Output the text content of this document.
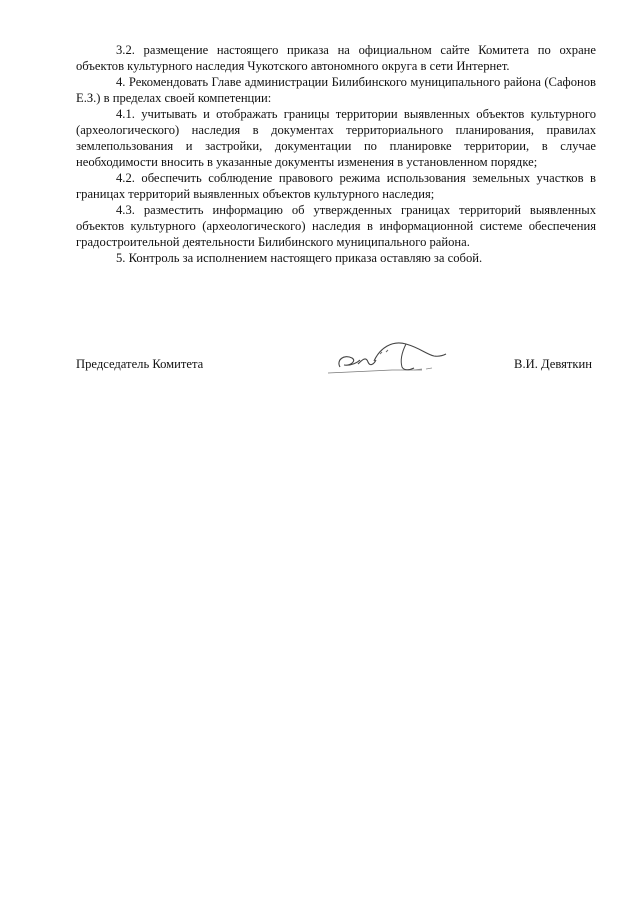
3.2. размещение настоящего приказа на официальном сайте Комитета по охране объектов культурного наследия Чукотского автономного округа в сети Интернет.

4. Рекомендовать Главе администрации Билибинского муниципального района (Сафонов Е.З.) в пределах своей компетенции:

4.1. учитывать и отображать границы территории выявленных объектов культурного (археологического) наследия в документах территориального планирования, правилах землепользования и застройки, документации по планировке территории, в случае необходимости вносить в указанные документы изменения в установленном порядке;

4.2. обеспечить соблюдение правового режима использования земельных участков в границах территорий выявленных объектов культурного наследия;

4.3. разместить информацию об утвержденных границах территорий выявленных объектов культурного (археологического) наследия в информационной системе обеспечения градостроительной деятельности Билибинского муниципального района.

5. Контроль за исполнением настоящего приказа оставляю за собой.

Председатель Комитета	В.И. Девяткин
